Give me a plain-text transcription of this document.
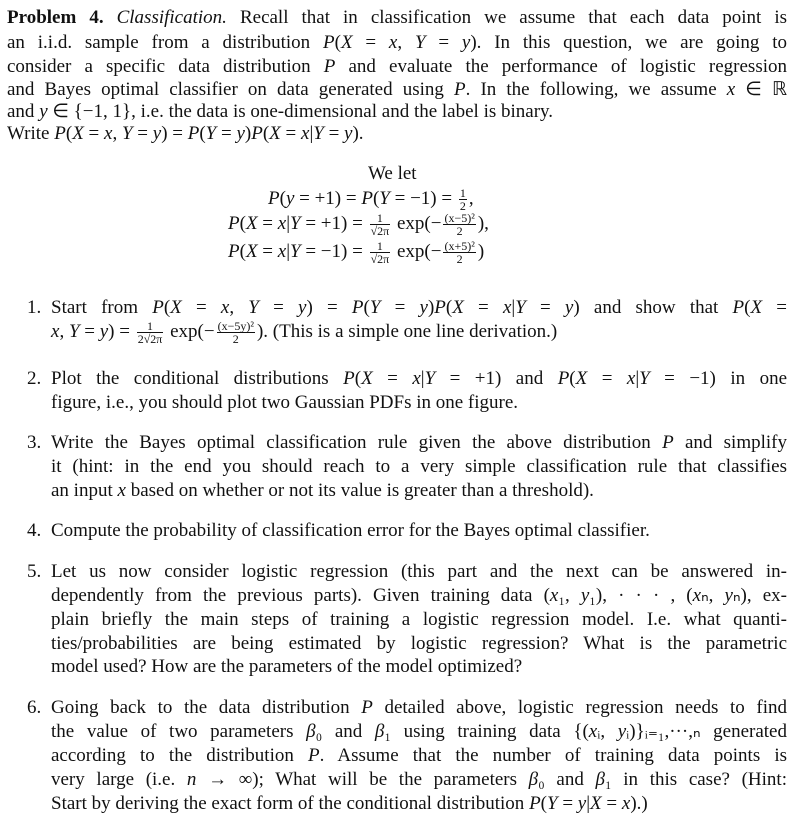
Problem 4. Classification. Recall that in classification we assume that each data point is
an i.i.d. sample from a distribution P(X = x, Y = y). In this question, we are going to
consider a specific data distribution P and evaluate the performance of logistic regression
and Bayes optimal classifier on data generated using P. In the following, we assume x ∈ ℝ
and y ∈ {−1, 1}, i.e. the data is one-dimensional and the label is binary.
Write P(X = x, Y = y) = P(Y = y)P(X = x|Y = y).
We let
$P(y = +1) = P(Y = -1) = \frac{1}{2}$ ,
$P(X = x|Y = +1) = \frac{1}{√2\pi} \exp(- \frac{\text{(x−5)²}}{2}$ ),
$P(X = x|Y = -1) = \frac{1}{√2\pi} \exp(- \frac{\text{(x+5)²}}{2}$ )
1. Start from P(X = x, Y = y) = P(Y = y)P(X = x|Y = y) and show that P(X =
x, $Y = y) = \frac{1}{2√2\pi} \exp(- \frac{\text{(x−5y)²}}{2}$ ). (This is a simple one line derivation.)
2. Plot the conditional distributions P(X = x|Y = +1) and P(X = x|Y = −1) in one
figure, i.e., you should plot two Gaussian PDFs in one figure.
3. Write the Bayes optimal classification rule given the above distribution P and simplify
it (hint: in the end you should reach to a very simple classification rule that classifies
an input x based on whether or not its value is greater than a threshold).
4. Compute the probability of classification error for the Bayes optimal classifier.
5. Let us now consider logistic regression (this part and the next can be answered in-
dependently from the previous parts). Given training data (x₁, y₁), · · · , (xₙ, yₙ), ex-
plain briefly the main steps of training a logistic regression model. I.e. what quanti-
ties/probabilities are being estimated by logistic regression? What is the parametric
model used? How are the parameters of the model optimized?
6. Going back to the data distribution P detailed above, logistic regression needs to find
the value of two parameters β₀ and β₁ using training data {(xᵢ, yᵢ)}ᵢ₌₁,···,ₙ generated
according to the distribution P. Assume that the number of training data points is
very large (i.e. n → ∞); What will be the parameters β₀ and β₁ in this case? (Hint:
Start by deriving the exact form of the conditional distribution P(Y = y|X = x).)
